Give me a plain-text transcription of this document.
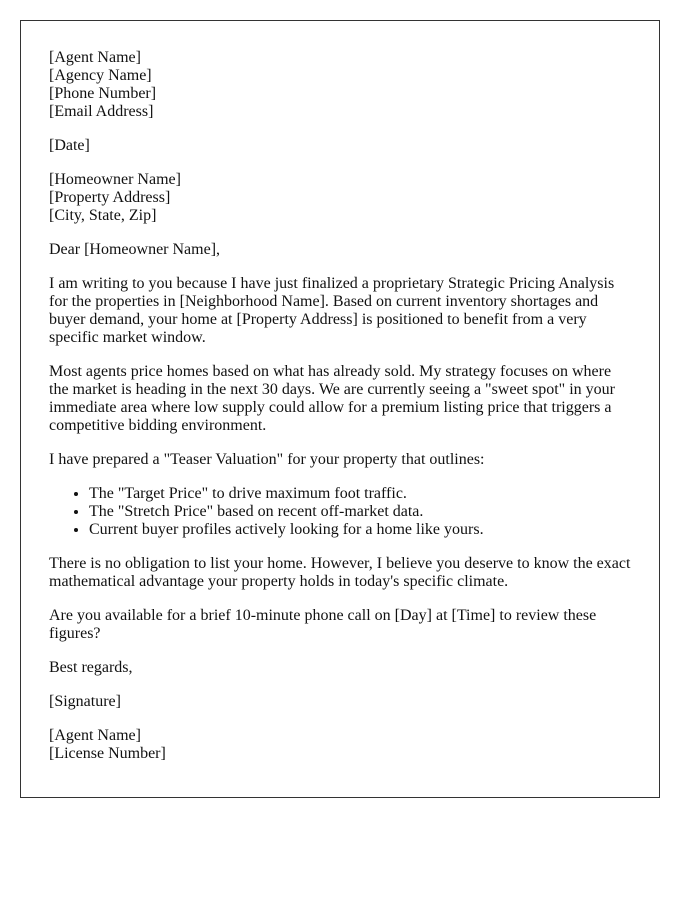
[Agent Name]
[Agency Name]
[Phone Number]
[Email Address]
[Date]
[Homeowner Name]
[Property Address]
[City, State, Zip]

Dear [Homeowner Name],

I am writing to you because I have just finalized a proprietary Strategic Pricing Analysis for the properties in [Neighborhood Name]. Based on current inventory shortages and buyer demand, your home at [Property Address] is positioned to benefit from a very specific market window.

Most agents price homes based on what has already sold. My strategy focuses on where the market is heading in the next 30 days. We are currently seeing a "sweet spot" in your immediate area where low supply could allow for a premium listing price that triggers a competitive bidding environment.

I have prepared a "Teaser Valuation" for your property that outlines:

• The "Target Price" to drive maximum foot traffic.
• The "Stretch Price" based on recent off-market data.
• Current buyer profiles actively looking for a home like yours.

There is no obligation to list your home. However, I believe you deserve to know the exact mathematical advantage your property holds in today's specific climate.

Are you available for a brief 10-minute phone call on [Day] at [Time] to review these figures?

Best regards,

[Signature]

[Agent Name]
[License Number]
